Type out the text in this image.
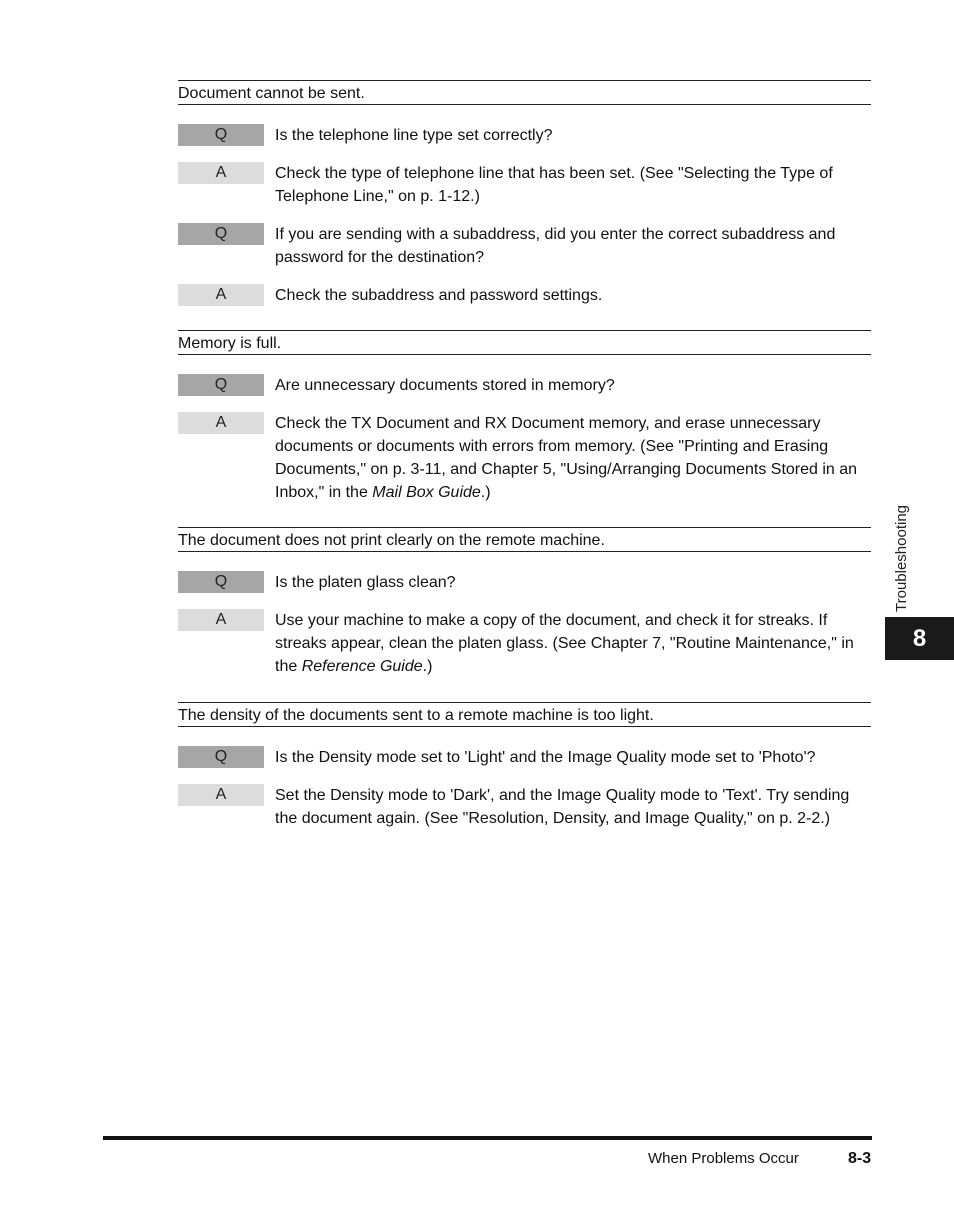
Document cannot be sent.
Q	Is the telephone line type set correctly?
A	Check the type of telephone line that has been set. (See "Selecting the Type of Telephone Line," on p. 1-12.)
Q	If you are sending with a subaddress, did you enter the correct subaddress and password for the destination?
A	Check the subaddress and password settings.
Memory is full.
Q	Are unnecessary documents stored in memory?
A	Check the TX Document and RX Document memory, and erase unnecessary documents or documents with errors from memory. (See "Printing and Erasing Documents," on p. 3-11, and Chapter 5, "Using/Arranging Documents Stored in an Inbox," in the Mail Box Guide.)
The document does not print clearly on the remote machine.
Q	Is the platen glass clean?
A	Use your machine to make a copy of the document, and check it for streaks. If streaks appear, clean the platen glass. (See Chapter 7, "Routine Maintenance," in the Reference Guide.)
The density of the documents sent to a remote machine is too light.
Q	Is the Density mode set to 'Light' and the Image Quality mode set to 'Photo'?
A	Set the Density mode to 'Dark', and the Image Quality mode to 'Text'. Try sending the document again. (See "Resolution, Density, and Image Quality," on p. 2-2.)
Troubleshooting
8
When Problems Occur	8-3
